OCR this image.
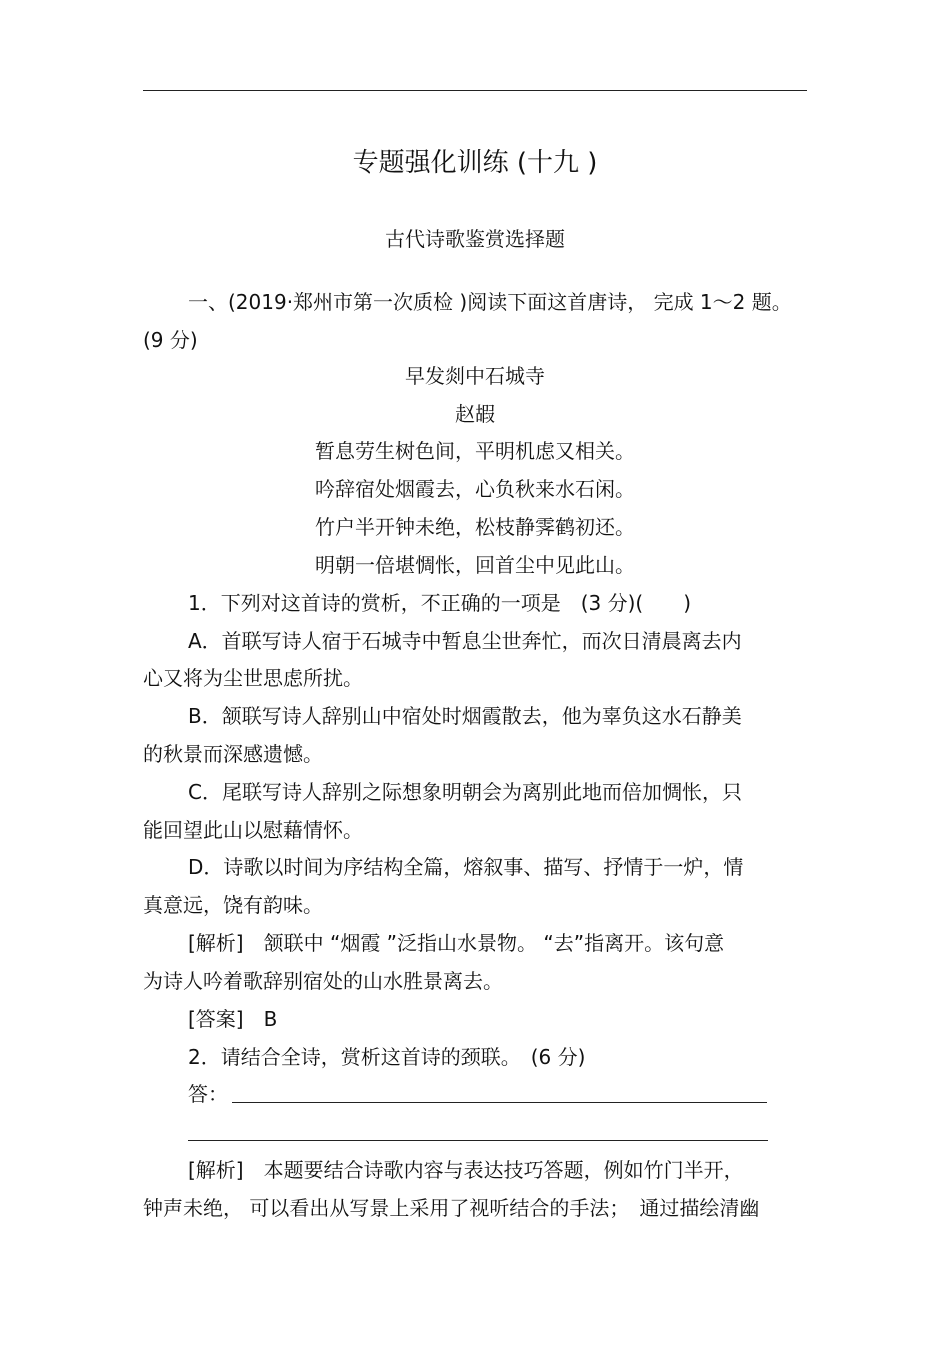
专题强化训练 (十九 )
古代诗歌鉴赏选择题
一、(2019·郑州市第一次质检 )阅读下面这首唐诗， 完成 1～2 题。
(9 分)
早发剡中石城寺
赵嘏
暂息劳生树色间，平明机虑又相关。
吟辞宿处烟霞去，心负秋来水石闲。
竹户半开钟未绝，松枝静霁鹤初还。
明朝一倍堪惆怅，回首尘中见此山。
1．下列对这首诗的赏析，不正确的一项是　(3 分)(　　)
A．首联写诗人宿于石城寺中暂息尘世奔忙，而次日清晨离去内
心又将为尘世思虑所扰。
B．颔联写诗人辞别山中宿处时烟霞散去，他为辜负这水石静美
的秋景而深感遗憾。
C．尾联写诗人辞别之际想象明朝会为离别此地而倍加惆怅，只
能回望此山以慰藉情怀。
D．诗歌以时间为序结构全篇，熔叙事、描写、抒情于一炉，情
真意远，饶有韵味。
[解析]　颔联中 “烟霞 ”泛指山水景物。 “去”指离开。该句意
为诗人吟着歌辞别宿处的山水胜景离去。
[答案]　B
2．请结合全诗，赏析这首诗的颈联。　(6 分)
答：
[解析]　本题要结合诗歌内容与表达技巧答题，例如竹门半开，
钟声未绝， 可以看出从写景上采用了视听结合的手法；　通过描绘清幽
